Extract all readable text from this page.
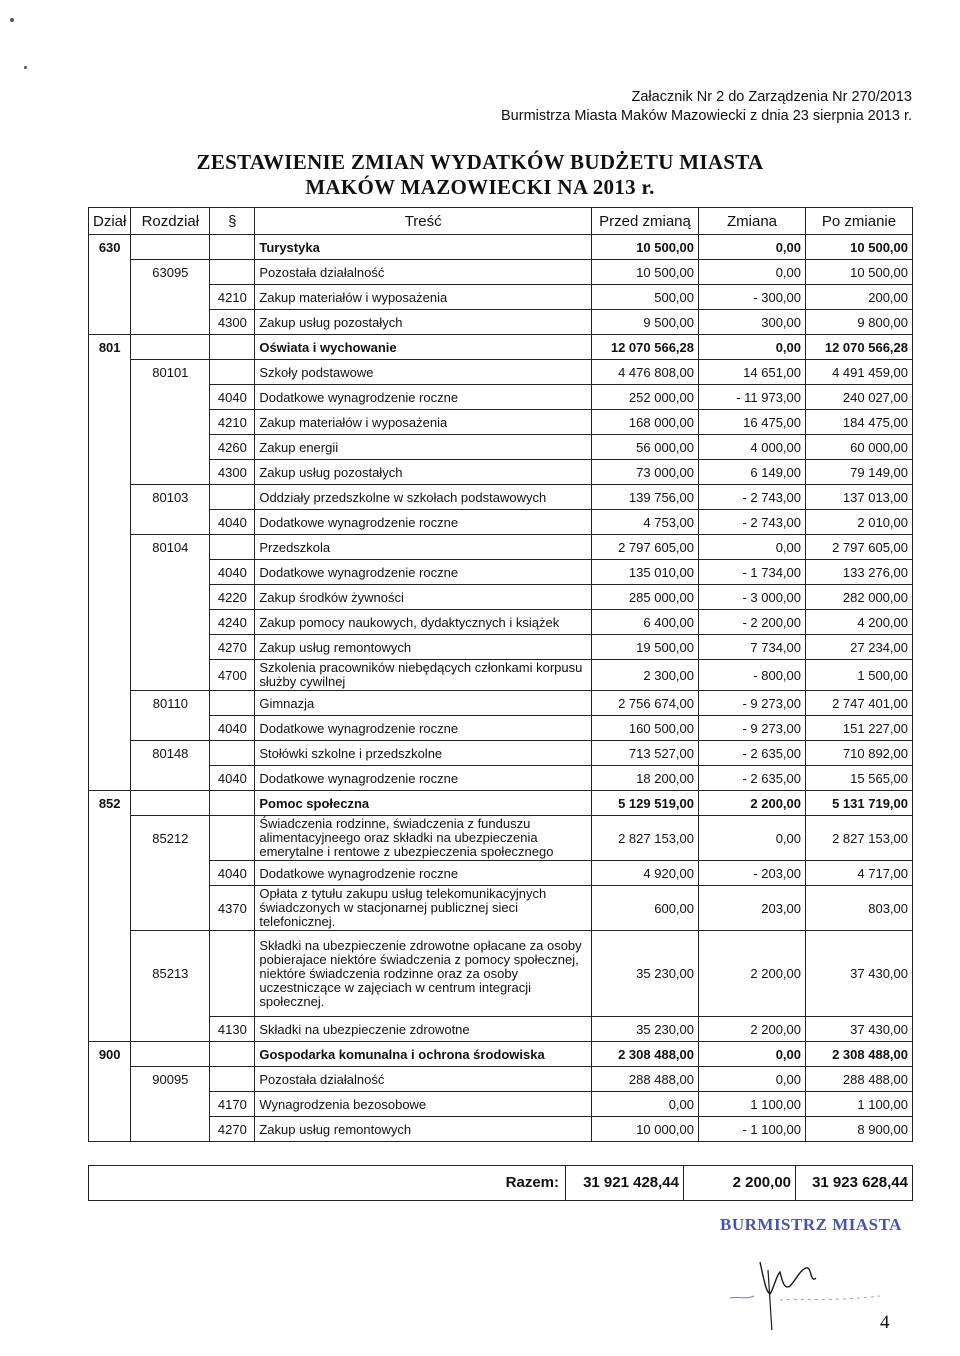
Załacznik Nr 2 do Zarządzenia Nr 270/2013
Burmistrza Miasta Maków Mazowiecki z dnia 23 sierpnia 2013 r.
ZESTAWIENIE ZMIAN WYDATKÓW BUDŻETU MIASTA
MAKÓW MAZOWIECKI NA 2013 r.
Dział	Rozdział	§	Treść	Przed zmianą	Zmiana	Po zmianie
630			Turystyka	10 500,00	0,00	10 500,00
	63095		Pozostała działalność	10 500,00	0,00	10 500,00
		4210	Zakup materiałów i wyposażenia	500,00	- 300,00	200,00
		4300	Zakup usług pozostałych	9 500,00	300,00	9 800,00
801			Oświata i wychowanie	12 070 566,28	0,00	12 070 566,28
	80101		Szkoły podstawowe	4 476 808,00	14 651,00	4 491 459,00
		4040	Dodatkowe wynagrodzenie roczne	252 000,00	- 11 973,00	240 027,00
		4210	Zakup materiałów i wyposażenia	168 000,00	16 475,00	184 475,00
		4260	Zakup energii	56 000,00	4 000,00	60 000,00
		4300	Zakup usług pozostałych	73 000,00	6 149,00	79 149,00
	80103		Oddziały przedszkolne w szkołach podstawowych	139 756,00	- 2 743,00	137 013,00
		4040	Dodatkowe wynagrodzenie roczne	4 753,00	- 2 743,00	2 010,00
	80104		Przedszkola	2 797 605,00	0,00	2 797 605,00
		4040	Dodatkowe wynagrodzenie roczne	135 010,00	- 1 734,00	133 276,00
		4220	Zakup środków żywności	285 000,00	- 3 000,00	282 000,00
		4240	Zakup pomocy naukowych, dydaktycznych i książek	6 400,00	- 2 200,00	4 200,00
		4270	Zakup usług remontowych	19 500,00	7 734,00	27 234,00
		4700	Szkolenia pracowników niebędących członkami korpusu służby cywilnej	2 300,00	- 800,00	1 500,00
	80110		Gimnazja	2 756 674,00	- 9 273,00	2 747 401,00
		4040	Dodatkowe wynagrodzenie roczne	160 500,00	- 9 273,00	151 227,00
	80148		Stołówki szkolne i przedszkolne	713 527,00	- 2 635,00	710 892,00
		4040	Dodatkowe wynagrodzenie roczne	18 200,00	- 2 635,00	15 565,00
852			Pomoc społeczna	5 129 519,00	2 200,00	5 131 719,00
	85212		Świadczenia rodzinne, świadczenia z funduszu alimentacyjneego oraz składki na ubezpieczenia emerytalne i rentowe z ubezpieczenia społecznego	2 827 153,00	0,00	2 827 153,00
		4040	Dodatkowe wynagrodzenie roczne	4 920,00	- 203,00	4 717,00
		4370	Opłata z tytułu zakupu usług telekomunikacyjnych świadczonych w stacjonarnej publicznej sieci telefonicznej.	600,00	203,00	803,00
	85213		Składki na ubezpieczenie zdrowotne opłacane za osoby pobierajace niektóre świadczenia z pomocy społecznej, niektóre świadczenia rodzinne oraz za osoby uczestniczące w zajęciach w centrum integracji społecznej.	35 230,00	2 200,00	37 430,00
		4130	Składki na ubezpieczenie zdrowotne	35 230,00	2 200,00	37 430,00
900			Gospodarka komunalna i ochrona środowiska	2 308 488,00	0,00	2 308 488,00
	90095		Pozostała działalność	288 488,00	0,00	288 488,00
		4170	Wynagrodzenia bezosobowe	0,00	1 100,00	1 100,00
		4270	Zakup usług remontowych	10 000,00	- 1 100,00	8 900,00
Razem:	31 921 428,44	2 200,00	31 923 628,44
BURMISTRZ MIASTA
4
